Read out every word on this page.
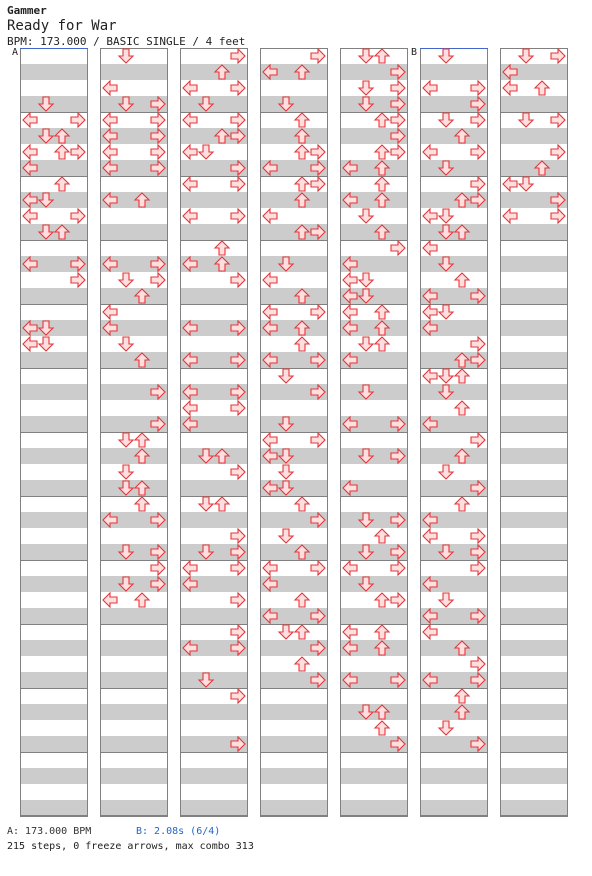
Gammer
Ready for War
BPM: 173.000 / BASIC SINGLE / 4 feet
A	B
A: 173.000 BPM	B: 2.08s (6/4)
215 steps, 0 freeze arrows, max combo 313
